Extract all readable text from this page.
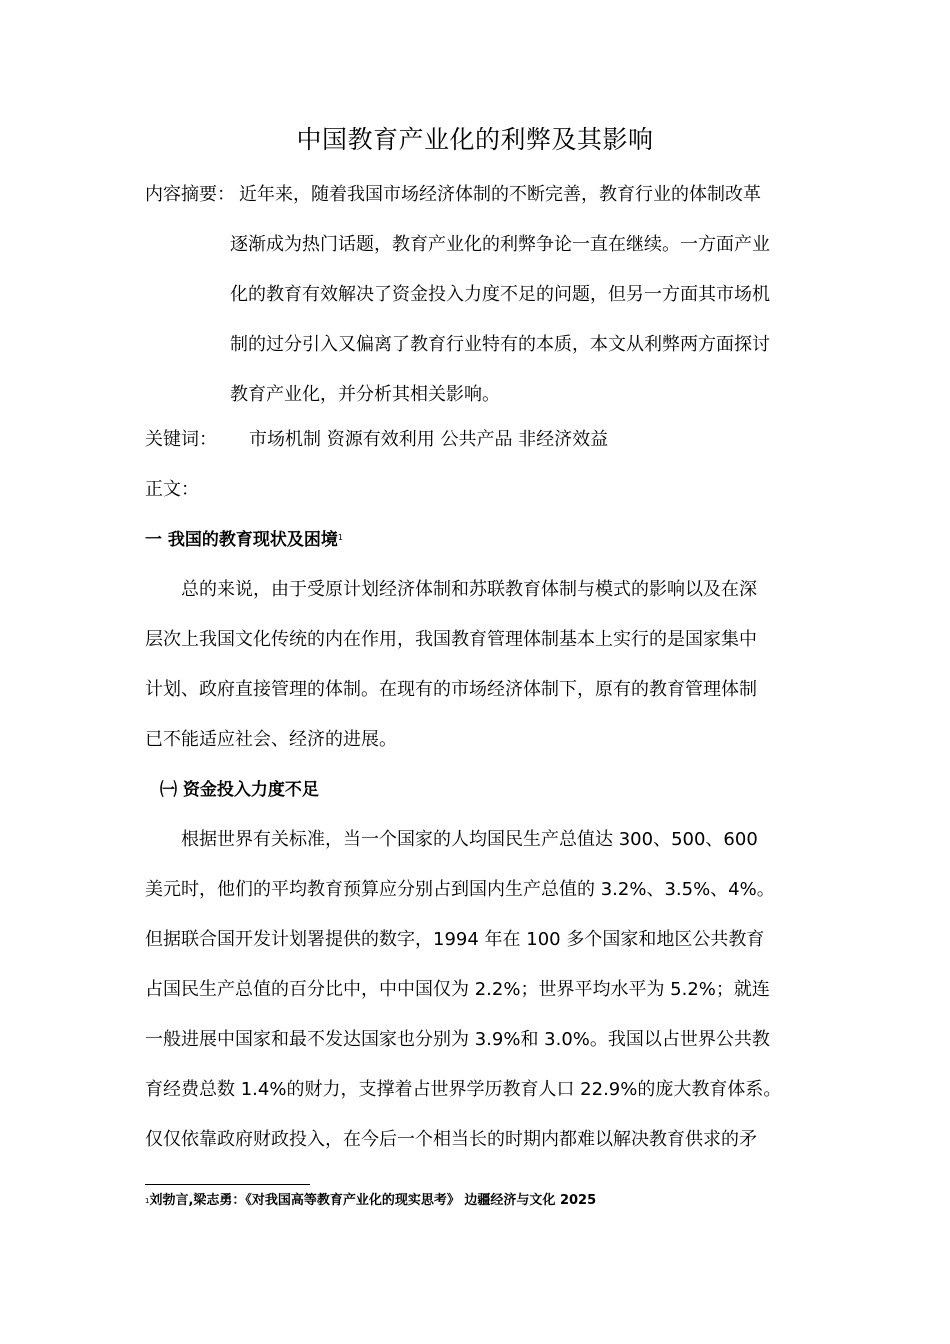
中国教育产业化的利弊及其影响
内容摘要： 近年来，随着我国市场经济体制的不断完善，教育行业的体制改革
逐渐成为热门话题，教育产业化的利弊争论一直在继续。一方面产业
化的教育有效解决了资金投入力度不足的问题，但另一方面其市场机
制的过分引入又偏离了教育行业特有的本质，本文从利弊两方面探讨
教育产业化，并分析其相关影响。
关键词： 市场机制 资源有效利用 公共产品 非经济效益
正文：
一 我国的教育现状及困境$^1$
总的来说，由于受原计划经济体制和苏联教育体制与模式的影响以及在深
层次上我国文化传统的内在作用，我国教育管理体制基本上实行的是国家集中
计划、政府直接管理的体制。在现有的市场经济体制下，原有的教育管理体制
已不能适应社会、经济的进展。
㈠ 资金投入力度不足
根据世界有关标准，当一个国家的人均国民生产总值达 300、500、600
美元时，他们的平均教育预算应分别占到国内生产总值的 3.2%、3.5%、4%。
但据联合国开发计划署提供的数字，1994 年在 100 多个国家和地区公共教育
占国民生产总值的百分比中，中中国仅为 2.2%；世界平均水平为 5.2%；就连
一般进展中国家和最不发达国家也分别为 3.9%和 3.0%。我国以占世界公共教
育经费总数 1.4%的财力，支撑着占世界学历教育人口 22.9%的庞大教育体系。
仅仅依靠政府财政投入，在今后一个相当长的时期内都难以解决教育供求的矛
$^1$刘勃言,梁志勇：《对我国高等教育产业化的现实思考》 边疆经济与文化 2025
